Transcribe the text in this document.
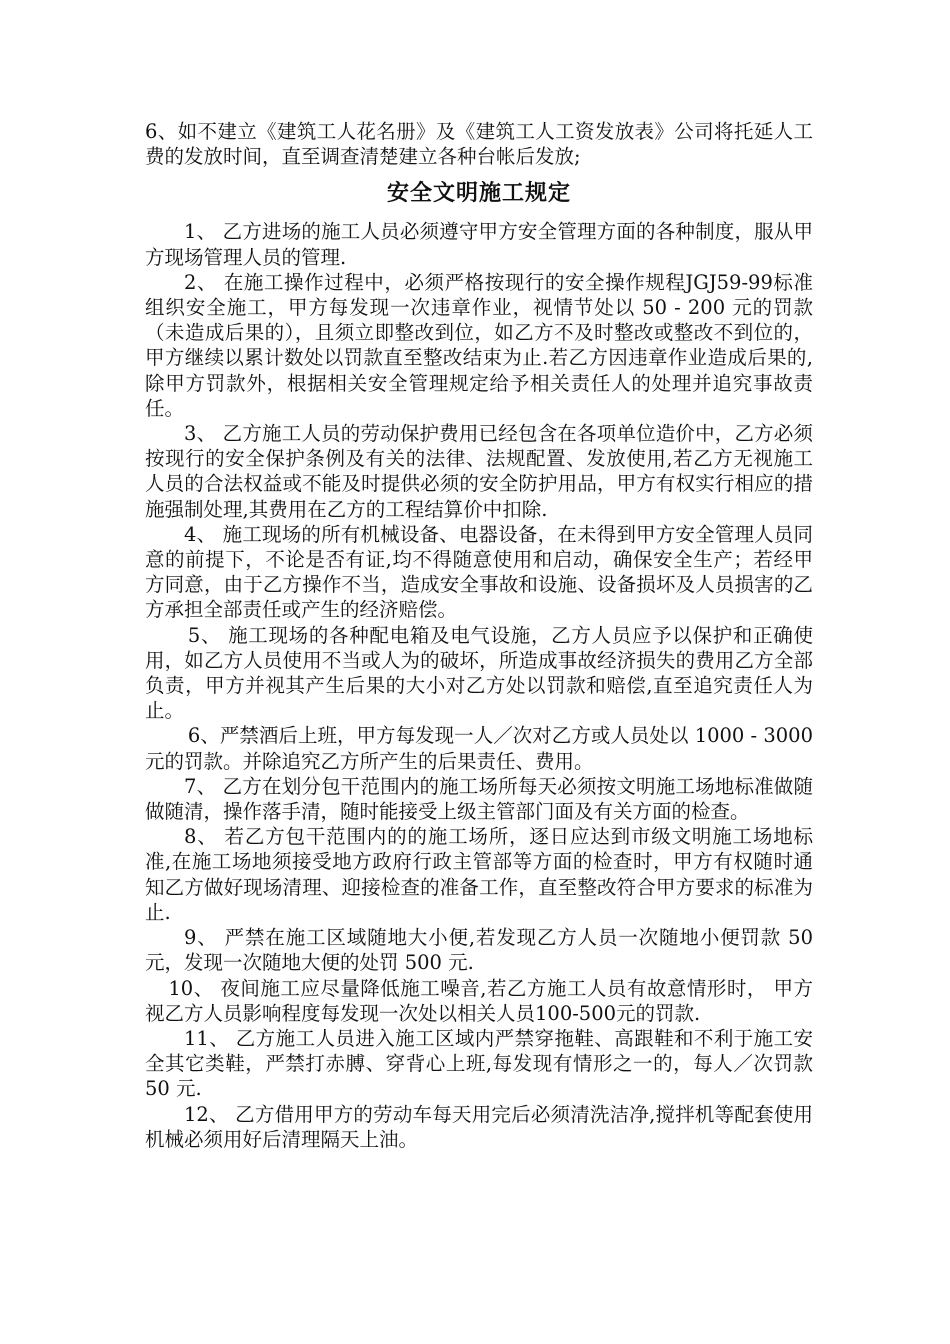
6、如不建立《建筑工人花名册》及《建筑工人工资发放表》公司将托延人工费的发放时间，直至调查清楚建立各种台帐后发放;

安全文明施工规定

1、 乙方进场的施工人员必须遵守甲方安全管理方面的各种制度，服从甲方现场管理人员的管理.

2、 在施工操作过程中，必须严格按现行的安全操作规程JGJ59-99标准组织安全施工，甲方每发现一次违章作业，视情节处以 50 - 200 元的罚款（未造成后果的），且须立即整改到位，如乙方不及时整改或整改不到位的，甲方继续以累计数处以罚款直至整改结束为止.若乙方因违章作业造成后果的,除甲方罚款外，根据相关安全管理规定给予相关责任人的处理并追究事故责任。

3、 乙方施工人员的劳动保护费用已经包含在各项单位造价中，乙方必须按现行的安全保护条例及有关的法律、法规配置、发放使用,若乙方无视施工人员的合法权益或不能及时提供必须的安全防护用品，甲方有权实行相应的措施强制处理,其费用在乙方的工程结算价中扣除.

4、 施工现场的所有机械设备、电器设备，在未得到甲方安全管理人员同意的前提下，不论是否有证,均不得随意使用和启动，确保安全生产；若经甲方同意，由于乙方操作不当，造成安全事故和设施、设备损坏及人员损害的乙方承担全部责任或产生的经济赔偿。

5、 施工现场的各种配电箱及电气设施，乙方人员应予以保护和正确使用，如乙方人员使用不当或人为的破坏，所造成事故经济损失的费用乙方全部负责，甲方并视其产生后果的大小对乙方处以罚款和赔偿,直至追究责任人为止。

6、严禁酒后上班，甲方每发现一人／次对乙方或人员处以 1000 - 3000 元的罚款。并除追究乙方所产生的后果责任、费用。

7、 乙方在划分包干范围内的施工场所每天必须按文明施工场地标准做随做随清，操作落手清，随时能接受上级主管部门面及有关方面的检查。

8、 若乙方包干范围内的的施工场所，逐日应达到市级文明施工场地标准,在施工场地须接受地方政府行政主管部等方面的检查时，甲方有权随时通知乙方做好现场清理、迎接检查的准备工作，直至整改符合甲方要求的标准为止.

9、 严禁在施工区域随地大小便,若发现乙方人员一次随地小便罚款 50 元，发现一次随地大便的处罚 500 元.

10、 夜间施工应尽量降低施工噪音,若乙方施工人员有故意情形时， 甲方视乙方人员影响程度每发现一次处以相关人员100-500元的罚款.

11、 乙方施工人员进入施工区域内严禁穿拖鞋、高跟鞋和不利于施工安全其它类鞋，严禁打赤膊、穿背心上班,每发现有情形之一的，每人／次罚款 50 元.

12、 乙方借用甲方的劳动车每天用完后必须清洗洁净,搅拌机等配套使用机械必须用好后清理隔天上油。
